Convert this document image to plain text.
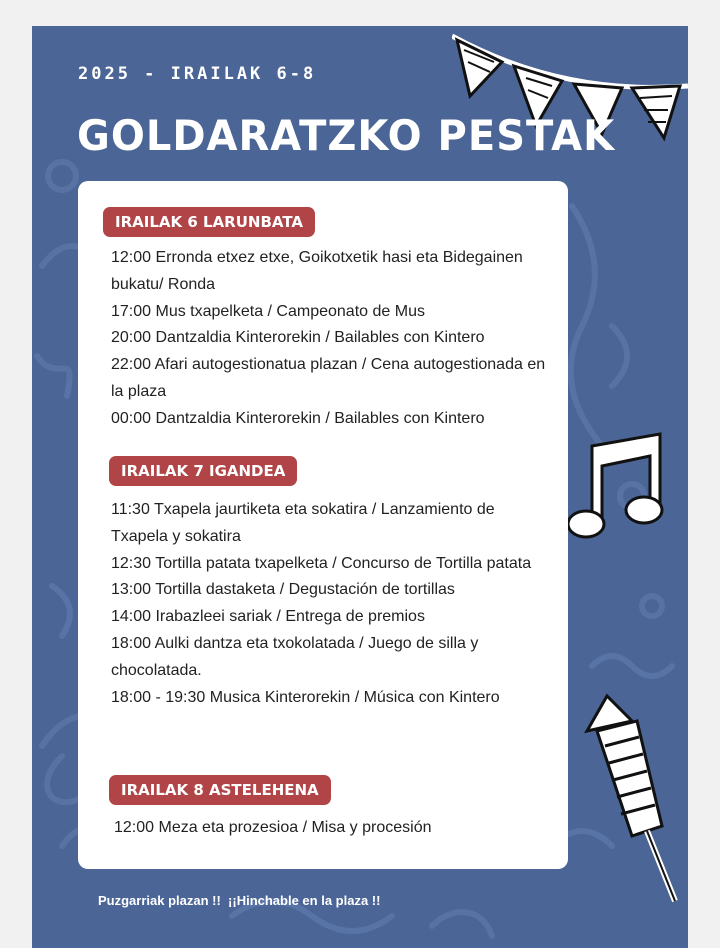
2025 - IRAILAK 6-8
GOLDARATZKO PESTAK
IRAILAK 6 LARUNBATA
12:00 Erronda etxez etxe, Goikotxetik hasi eta Bidegainen bukatu/ Ronda
17:00 Mus txapelketa / Campeonato de Mus
20:00 Dantzaldia Kinterorekin / Bailables con Kintero
22:00 Afari autogestionatua plazan / Cena autogestionada en la plaza
00:00 Dantzaldia Kinterorekin / Bailables con Kintero
IRAILAK 7 IGANDEA
11:30 Txapela jaurtiketa eta sokatira / Lanzamiento de Txapela y sokatira
12:30 Tortilla patata txapelketa / Concurso de Tortilla patata
13:00 Tortilla dastaketa / Degustación de tortillas
14:00 Irabazleei sariak / Entrega de premios
18:00 Aulki dantza eta txokolatada / Juego de silla y chocolatada.
18:00 - 19:30 Musica Kinterorekin / Música con Kintero
IRAILAK 8 ASTELEHENA
12:00 Meza eta prozesioa / Misa y procesión
Puzgarriak plazan !!  ¡¡Hinchable en la plaza !!
